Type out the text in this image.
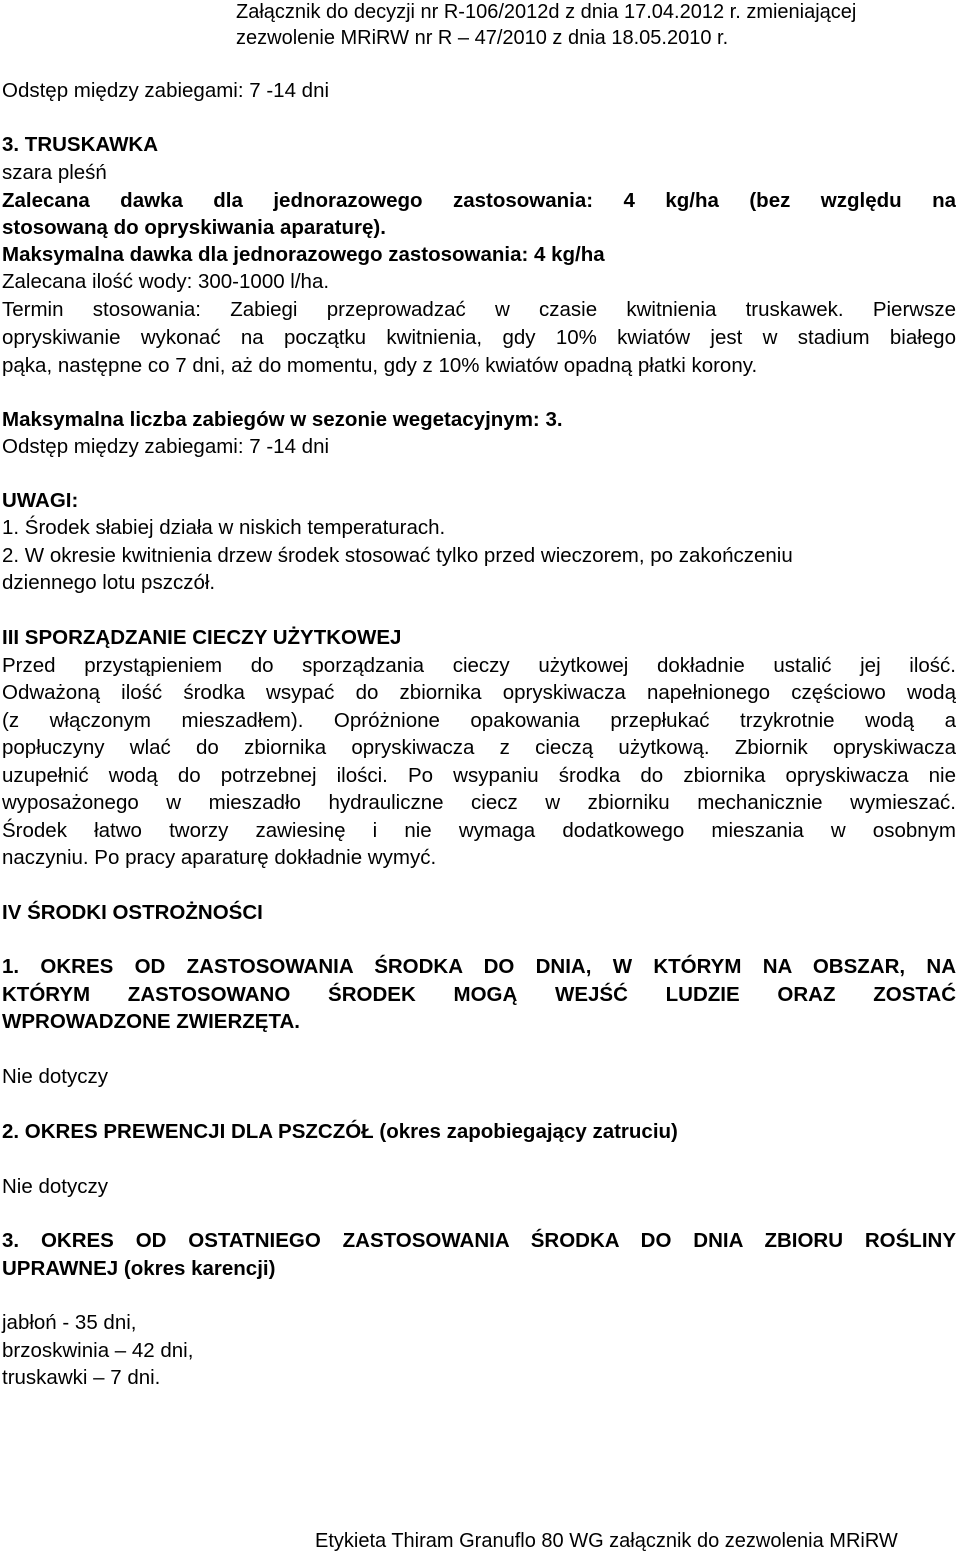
Załącznik do decyzji nr R-106/2012d z dnia 17.04.2012 r. zmieniającej
zezwolenie MRiRW nr R – 47/2010 z dnia 18.05.2010 r.
Odstęp między zabiegami: 7 -14 dni
3. TRUSKAWKA
szara pleśń
Zalecana dawka dla jednorazowego zastosowania: 4 kg/ha (bez względu na
stosowaną do opryskiwania aparaturę).
Maksymalna dawka dla jednorazowego zastosowania: 4 kg/ha
Zalecana ilość wody: 300-1000 l/ha.
Termin stosowania: Zabiegi przeprowadzać w czasie kwitnienia truskawek. Pierwsze
opryskiwanie wykonać na początku kwitnienia, gdy 10% kwiatów jest w stadium białego
pąka, następne co 7 dni, aż do momentu, gdy z 10% kwiatów opadną płatki korony.
Maksymalna liczba zabiegów w sezonie wegetacyjnym: 3.
Odstęp między zabiegami: 7 -14 dni
UWAGI:
1. Środek słabiej działa w niskich temperaturach.
2. W okresie kwitnienia drzew środek stosować tylko przed wieczorem, po zakończeniu
dziennego lotu pszczół.
III SPORZĄDZANIE CIECZY UŻYTKOWEJ
Przed przystąpieniem do sporządzania cieczy użytkowej dokładnie ustalić jej ilość.
Odważoną ilość środka wsypać do zbiornika opryskiwacza napełnionego częściowo wodą
(z włączonym mieszadłem). Opróżnione opakowania przepłukać trzykrotnie wodą a
popłuczyny wlać do zbiornika opryskiwacza z cieczą użytkową. Zbiornik opryskiwacza
uzupełnić wodą do potrzebnej ilości. Po wsypaniu środka do zbiornika opryskiwacza nie
wyposażonego w mieszadło hydrauliczne ciecz w zbiorniku mechanicznie wymieszać.
Środek łatwo tworzy zawiesinę i nie wymaga dodatkowego mieszania w osobnym
naczyniu. Po pracy aparaturę dokładnie wymyć.
IV ŚRODKI OSTROŻNOŚCI
1. OKRES OD ZASTOSOWANIA ŚRODKA DO DNIA, W KTÓRYM NA OBSZAR, NA
KTÓRYM ZASTOSOWANO ŚRODEK MOGĄ WEJŚĆ LUDZIE ORAZ ZOSTAĆ
WPROWADZONE ZWIERZĘTA.
Nie dotyczy
2. OKRES PREWENCJI DLA PSZCZÓŁ (okres zapobiegający zatruciu)
Nie dotyczy
3. OKRES OD OSTATNIEGO ZASTOSOWANIA ŚRODKA DO DNIA ZBIORU ROŚLINY
UPRAWNEJ (okres karencji)
jabłoń - 35 dni,
brzoskwinia – 42 dni,
truskawki – 7 dni.
Etykieta Thiram Granuflo 80 WG załącznik do zezwolenia MRiRW
